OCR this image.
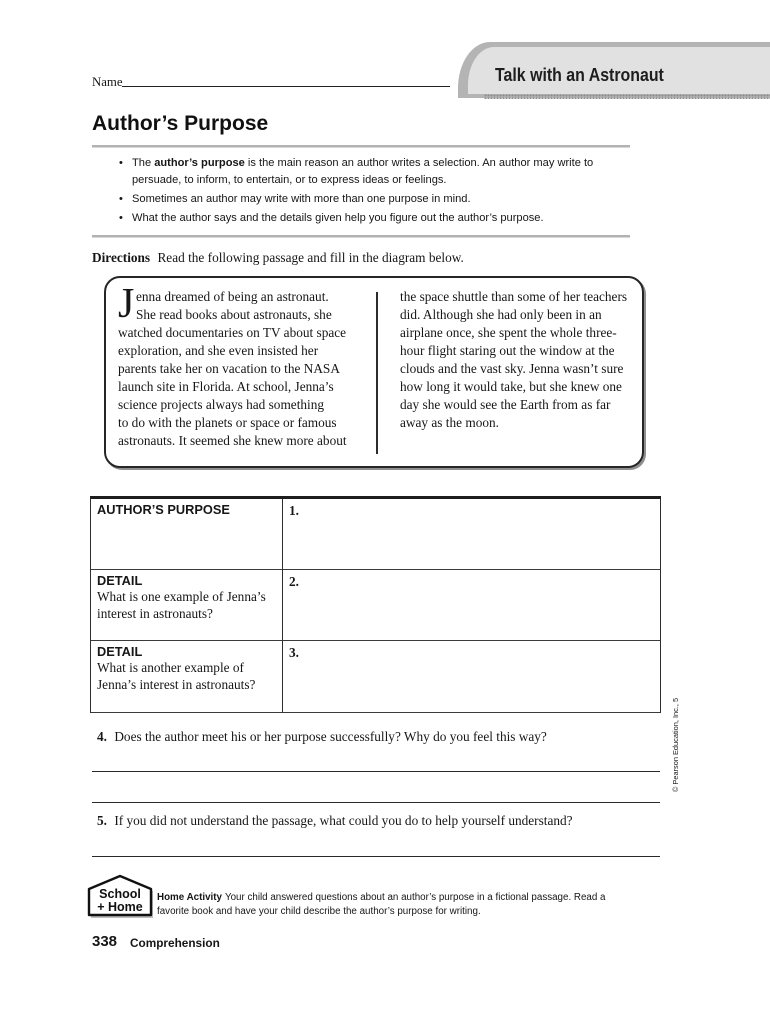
Talk with an Astronaut
Name
Author’s Purpose
•
The author’s purpose is the main reason an author writes a selection. An author may write to
persuade, to inform, to entertain, or to express ideas or feelings.
•
Sometimes an author may write with more than one purpose in mind.
•
What the author says and the details given help you figure out the author’s purpose.
Directions Read the following passage and fill in the diagram below.
J enna dreamed of being an astronaut.
She read books about astronauts, she
watched documentaries on TV about space
exploration, and she even insisted her
parents take her on vacation to the NASA
launch site in Florida. At school, Jenna’s
science projects always had something
to do with the planets or space or famous
astronauts. It seemed she knew more about
the space shuttle than some of her teachers
did. Although she had only been in an
airplane once, she spent the whole three-
hour flight staring out the window at the
clouds and the vast sky. Jenna wasn’t sure
how long it would take, but she knew one
day she would see the Earth from as far
away as the moon.
AUTHOR’S PURPOSE	1.
DETAIL
What is one example of Jenna’s
interest in astronauts?
2.
DETAIL
What is another example of
Jenna’s interest in astronauts?
3.
© Pearson Education, Inc., 5
4. Does the author meet his or her purpose successfully? Why do you feel this way?
5. If you did not understand the passage, what could you do to help yourself understand?
School
+ Home
Home Activity Your child answered questions about an author’s purpose in a fictional passage. Read a
favorite book and have your child describe the author’s purpose for writing.
338 Comprehension
